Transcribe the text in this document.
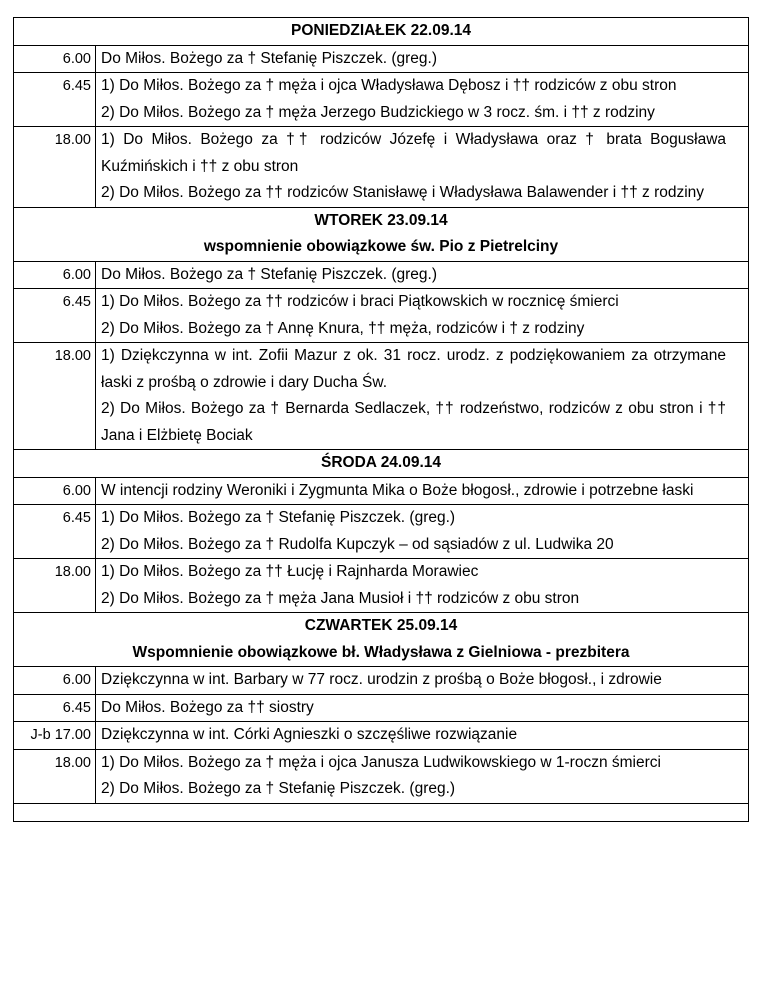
PONIEDZIAŁEK 22.09.14	

6.00	Do Miłos. Bożego za † Stefanię Piszczek. (greg.)

6.45	1) Do Miłos. Bożego za † męża i ojca Władysława Dębosz i †† rodziców z obu stron
2) Do Miłos. Bożego za † męża Jerzego Budzickiego w 3 rocz. śm. i †† z rodziny

18.00	1) Do Miłos. Bożego za †† rodziców Józefę i Władysława oraz † brata Bogusława Kuźmińskich i †† z obu stron
2) Do Miłos. Bożego za †† rodziców Stanisławę i Władysława Balawender i †† z rodziny

WTOREK 23.09.14
wspomnienie obowiązkowe św. Pio z Pietrelciny	

6.00	Do Miłos. Bożego za † Stefanię Piszczek. (greg.)

6.45	1) Do Miłos. Bożego za †† rodziców i braci Piątkowskich w rocznicę śmierci
2) Do Miłos. Bożego za † Annę Knura, †† męża, rodziców i † z rodziny

18.00	1) Dziękczynna w int. Zofii Mazur z ok. 31 rocz. urodz. z podziękowaniem za otrzymane łaski z prośbą o zdrowie i dary Ducha Św.
2) Do Miłos. Bożego za † Bernarda Sedlaczek, †† rodzeństwo, rodziców z obu stron i †† Jana i Elżbietę Bociak

ŚRODA 24.09.14	

6.00	W intencji rodziny Weroniki i Zygmunta Mika o Boże błogosł., zdrowie i potrzebne łaski

6.45	1) Do Miłos. Bożego za † Stefanię Piszczek. (greg.)
2) Do Miłos. Bożego za † Rudolfa Kupczyk – od sąsiadów z ul. Ludwika 20

18.00	1) Do Miłos. Bożego za †† Łucję i Rajnharda Morawiec
2) Do Miłos. Bożego za † męża Jana Musioł i †† rodziców z obu stron

CZWARTEK 25.09.14
Wspomnienie obowiązkowe bł. Władysława z Gielniowa - prezbitera	

6.00	Dziękczynna w int. Barbary w 77 rocz. urodzin z prośbą o Boże błogosł., i zdrowie

6.45	Do Miłos. Bożego za †† siostry

J-b 17.00	Dziękczynna w int. Córki Agnieszki o szczęśliwe rozwiązanie

18.00	1) Do Miłos. Bożego za † męża i ojca Janusza Ludwikowskiego w 1-roczn śmierci
2) Do Miłos. Bożego za † Stefanię Piszczek. (greg.)
